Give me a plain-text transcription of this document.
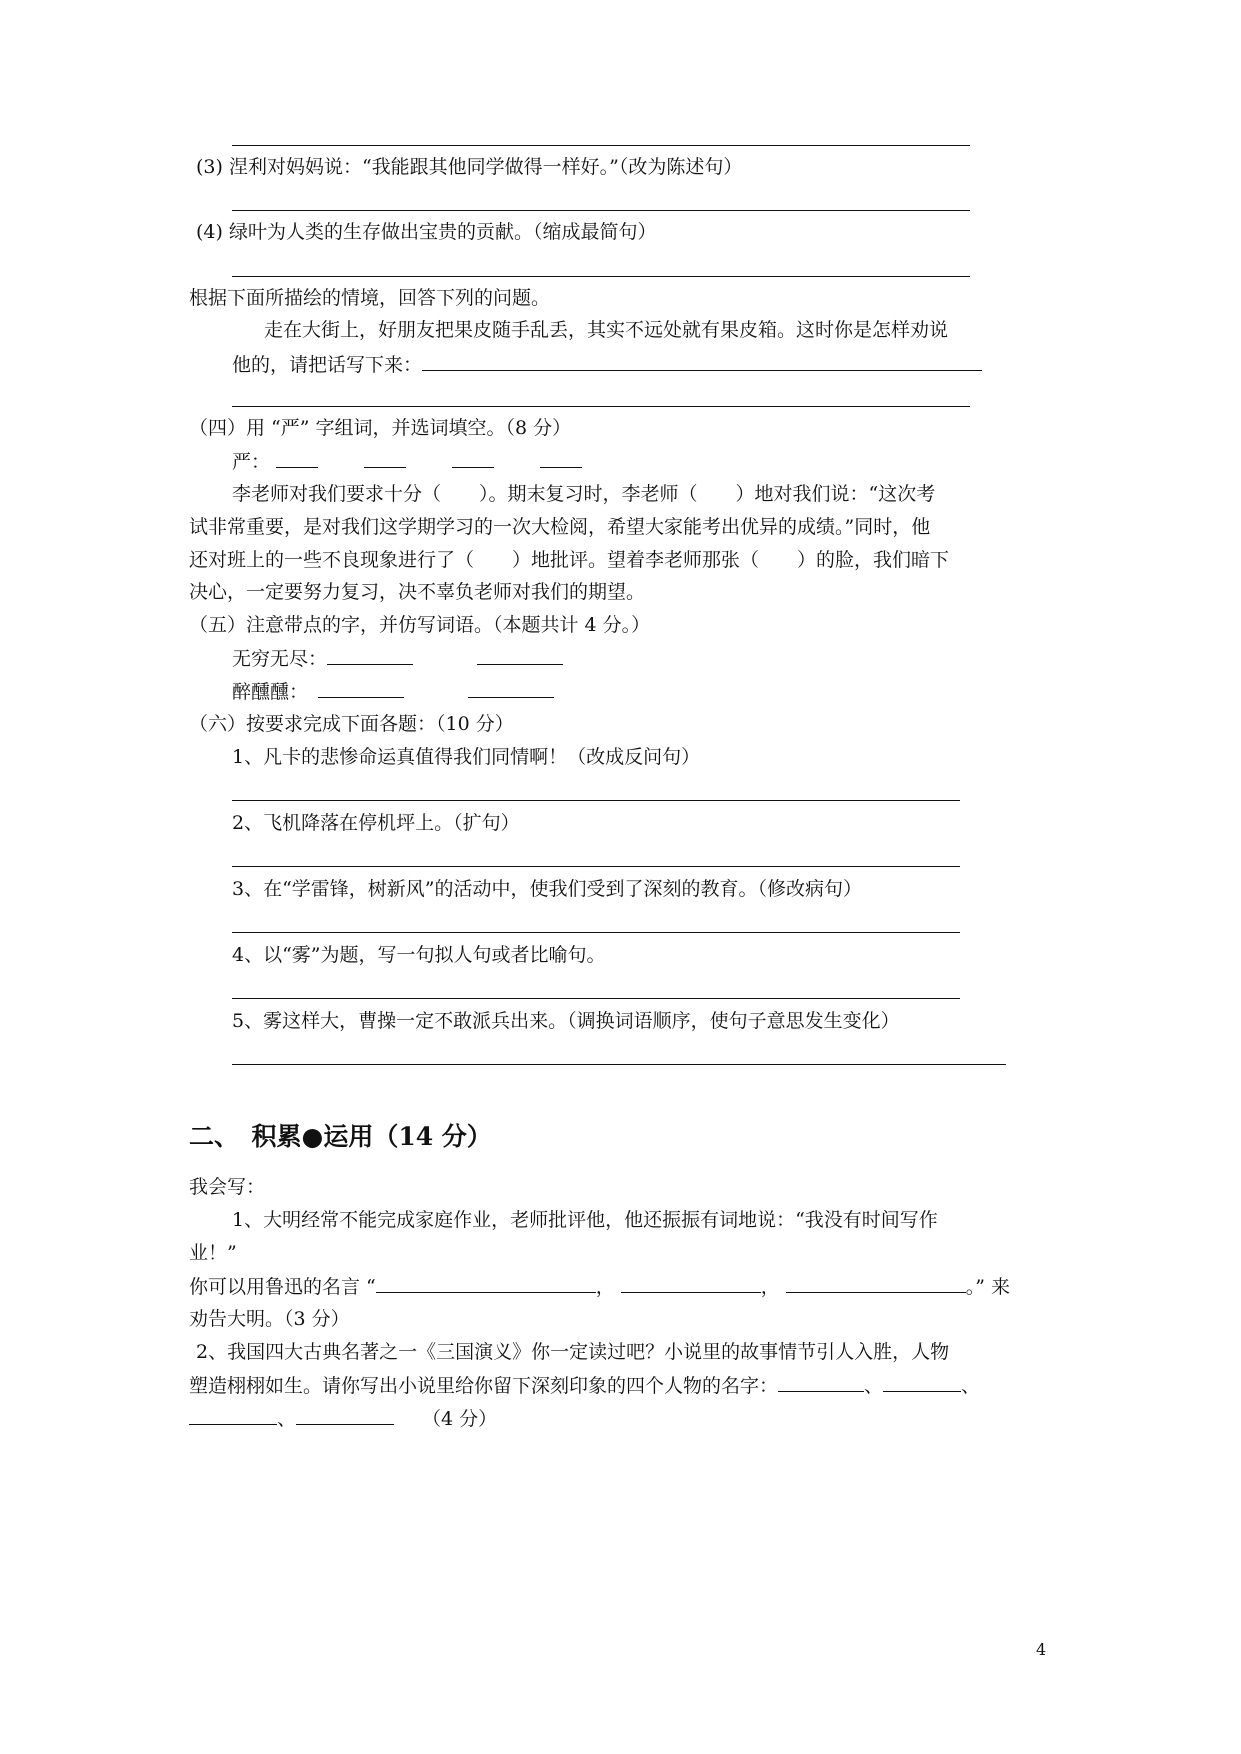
(3) 涅利对妈妈说：“我能跟其他同学做得一样好。”（改为陈述句）
(4) 绿叶为人类的生存做出宝贵的贡献。（缩成最简句）
根据下面所描绘的情境，回答下列的问题。
走在大街上，好朋友把果皮随手乱丢，其实不远处就有果皮箱。这时你是怎样劝说
他的，请把话写下来：
（四）用 “严” 字组词，并选词填空。（8 分）
严：
李老师对我们要求十分（　　）。期末复习时，李老师（　　）地对我们说：“这次考
试非常重要，是对我们这学期学习的一次大检阅，希望大家能考出优异的成绩。”同时，他
还对班上的一些不良现象进行了（　　）地批评。望着李老师那张（　　）的脸，我们暗下
决心，一定要努力复习，决不辜负老师对我们的期望。
（五）注意带点的字，并仿写词语。（本题共计 4 分。）
无穷无尽：
醉醺醺：
（六）按要求完成下面各题：（10 分）
1、凡卡的悲惨命运真值得我们同情啊！（改成反问句）
2、飞机降落在停机坪上。（扩句）
3、在“学雷锋，树新风”的活动中，使我们受到了深刻的教育。（修改病句）
4、以“雾”为题，写一句拟人句或者比喻句。
5、雾这样大，曹操一定不敢派兵出来。（调换词语顺序，使句子意思发生变化）
二、　积累●运用（14 分）
我会写：
1、大明经常不能完成家庭作业，老师批评他，他还振振有词地说：“我没有时间写作
业！”
你可以用鲁迅的名言 “	，	，	。” 来
劝告大明。（3 分）
2、我国四大古典名著之一《三国演义》你一定读过吧？小说里的故事情节引人入胜，人物
塑造栩栩如生。请你写出小说里给你留下深刻印象的四个人物的名字：	、	、
、	（4 分）
4
